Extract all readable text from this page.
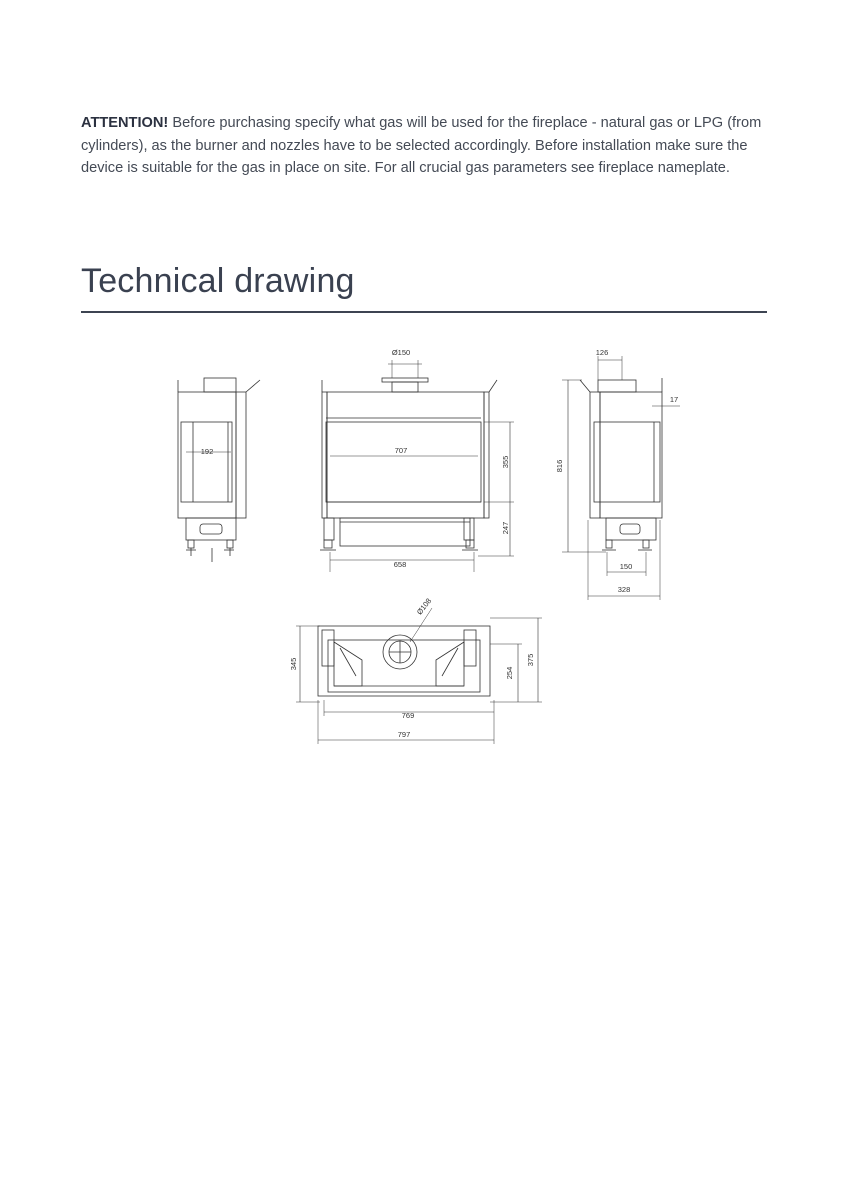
ATTENTION! Before purchasing specify what gas will be used for the fireplace - natural gas or LPG (from cylinders), as the burner and nozzles have to be selected accordingly. Before installation make sure the device is suitable for the gas in place on site. For all crucial gas parameters see fireplace nameplate.

Technical drawing
192
Ø150
707
355
247
658
126
17
816
150
328
Ø108
345
254
375
769
797
